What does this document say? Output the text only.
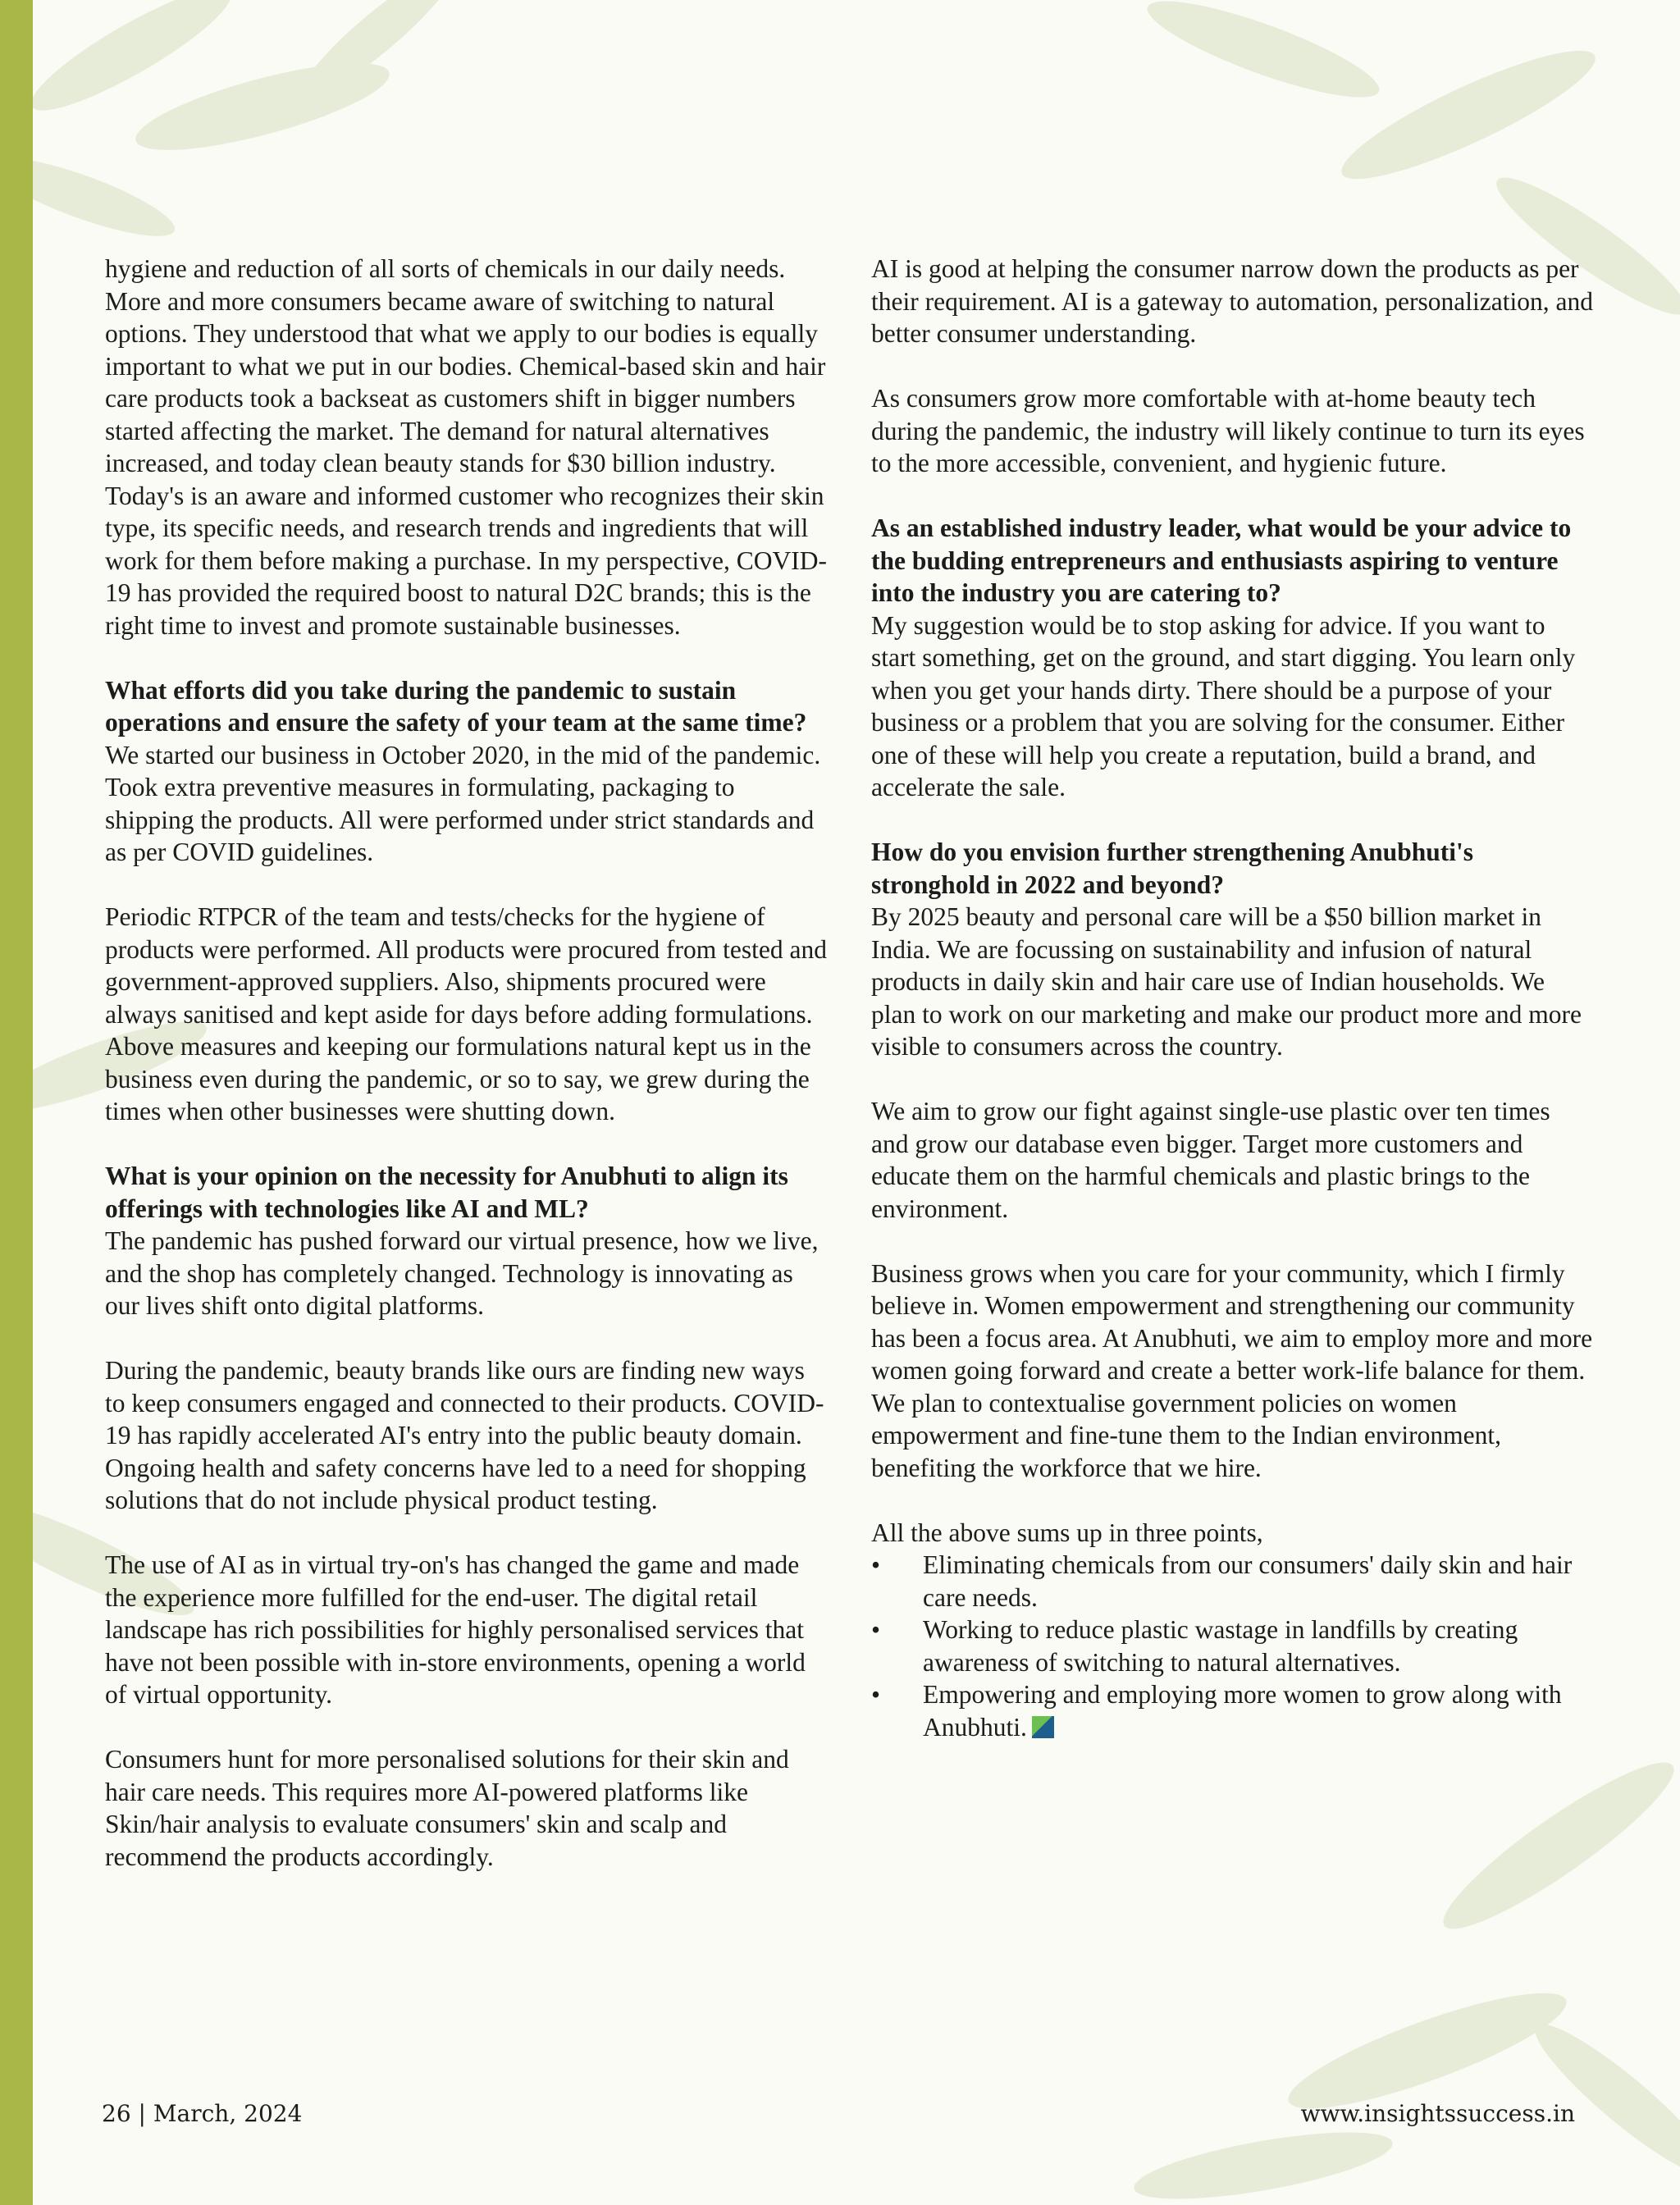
hygiene and reduction of all sorts of chemicals in our daily needs. More and more consumers became aware of switching to natural options. They understood that what we apply to our bodies is equally important to what we put in our bodies. Chemical-based skin and hair care products took a backseat as customers shift in bigger numbers started affecting the market. The demand for natural alternatives increased, and today clean beauty stands for $30 billion industry. Today's is an aware and informed customer who recognizes their skin type, its specific needs, and research trends and ingredients that will work for them before making a purchase. In my perspective, COVID-19 has provided the required boost to natural D2C brands; this is the right time to invest and promote sustainable businesses.

What efforts did you take during the pandemic to sustain operations and ensure the safety of your team at the same time?

We started our business in October 2020, in the mid of the pandemic. Took extra preventive measures in formulating, packaging to shipping the products. All were performed under strict standards and as per COVID guidelines.

Periodic RTPCR of the team and tests/checks for the hygiene of products were performed. All products were procured from tested and government-approved suppliers. Also, shipments procured were always sanitised and kept aside for days before adding formulations. Above measures and keeping our formulations natural kept us in the business even during the pandemic, or so to say, we grew during the times when other businesses were shutting down.

What is your opinion on the necessity for Anubhuti to align its offerings with technologies like AI and ML?

The pandemic has pushed forward our virtual presence, how we live, and the shop has completely changed. Technology is innovating as our lives shift onto digital platforms.

During the pandemic, beauty brands like ours are finding new ways to keep consumers engaged and connected to their products. COVID-19 has rapidly accelerated AI's entry into the public beauty domain. Ongoing health and safety concerns have led to a need for shopping solutions that do not include physical product testing.

The use of AI as in virtual try-on's has changed the game and made the experience more fulfilled for the end-user. The digital retail landscape has rich possibilities for highly personalised services that have not been possible with in-store environments, opening a world of virtual opportunity.

Consumers hunt for more personalised solutions for their skin and hair care needs. This requires more AI-powered platforms like Skin/hair analysis to evaluate consumers' skin and scalp and recommend the products accordingly.

AI is good at helping the consumer narrow down the products as per their requirement. AI is a gateway to automation, personalization, and better consumer understanding.

As consumers grow more comfortable with at-home beauty tech during the pandemic, the industry will likely continue to turn its eyes to the more accessible, convenient, and hygienic future.

As an established industry leader, what would be your advice to the budding entrepreneurs and enthusiasts aspiring to venture into the industry you are catering to?

My suggestion would be to stop asking for advice. If you want to start something, get on the ground, and start digging. You learn only when you get your hands dirty. There should be a purpose of your business or a problem that you are solving for the consumer. Either one of these will help you create a reputation, build a brand, and accelerate the sale.

How do you envision further strengthening Anubhuti's stronghold in 2022 and beyond?

By 2025 beauty and personal care will be a $50 billion market in India. We are focussing on sustainability and infusion of natural products in daily skin and hair care use of Indian households. We plan to work on our marketing and make our product more and more visible to consumers across the country.

We aim to grow our fight against single-use plastic over ten times and grow our database even bigger. Target more customers and educate them on the harmful chemicals and plastic brings to the environment.

Business grows when you care for your community, which I firmly believe in. Women empowerment and strengthening our community has been a focus area. At Anubhuti, we aim to employ more and more women going forward and create a better work-life balance for them. We plan to contextualise government policies on women empowerment and fine-tune them to the Indian environment, benefiting the workforce that we hire.

All the above sums up in three points,

• Eliminating chemicals from our consumers' daily skin and hair care needs.
• Working to reduce plastic wastage in landfills by creating awareness of switching to natural alternatives.
• Empowering and employing more women to grow along with Anubhuti.
26 | March, 2024	www.insightssuccess.in
